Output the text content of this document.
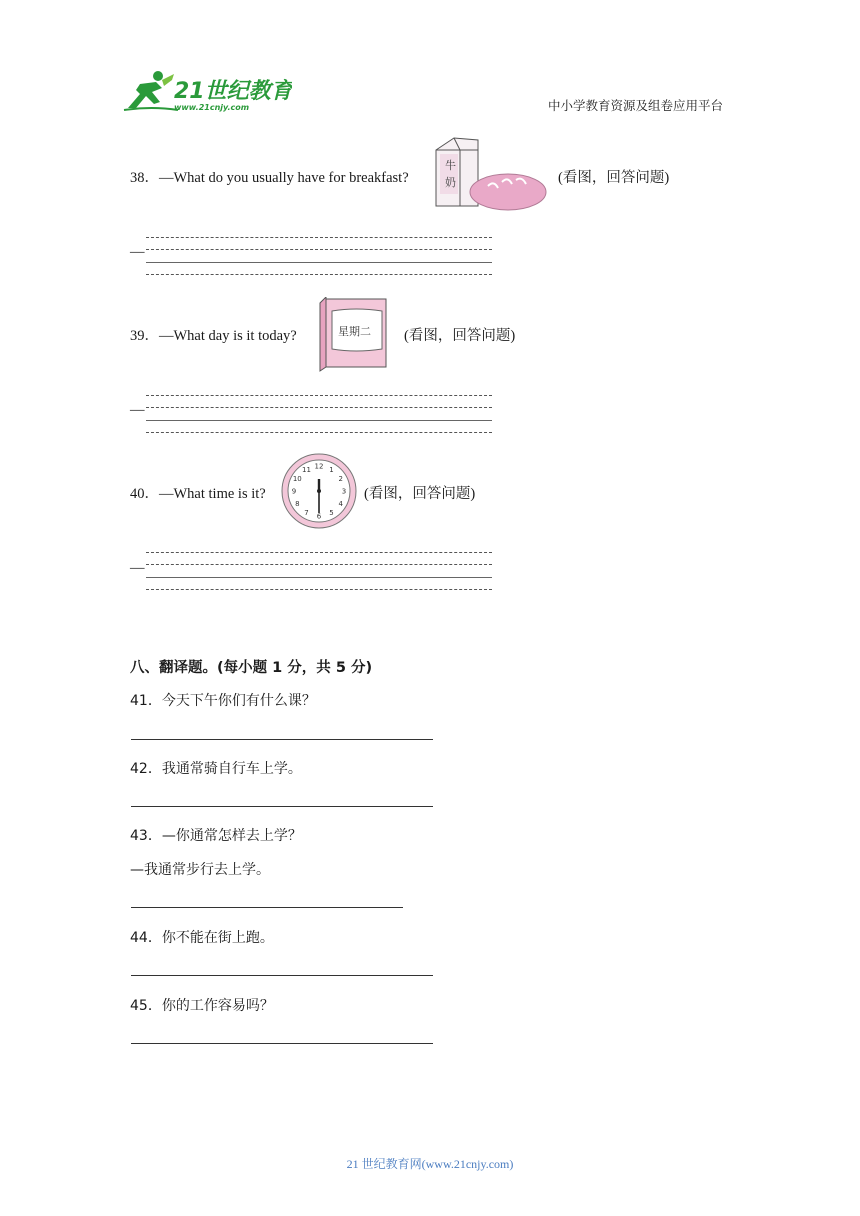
21世纪教育
www.21cnjy.com	中小学教育资源及组卷应用平台
38．—What do you usually have for breakfast?
牛
奶	(看图，回答问题)
—
39．—What day is it today?	星期二 (看图，回答问题)
—
40．—What time is it?
12 1
2
3
4
5
6
7
8
9
10
11
(看图，回答问题)
—
八、翻译题。(每小题 1 分，共 5 分)
41．今天下午你们有什么课？
42．我通常骑自行车上学。
43．—你通常怎样去上学？
—我通常步行去上学。
44．你不能在街上跑。
45．你的工作容易吗？
21 世纪教育网(www.21cnjy.com)
